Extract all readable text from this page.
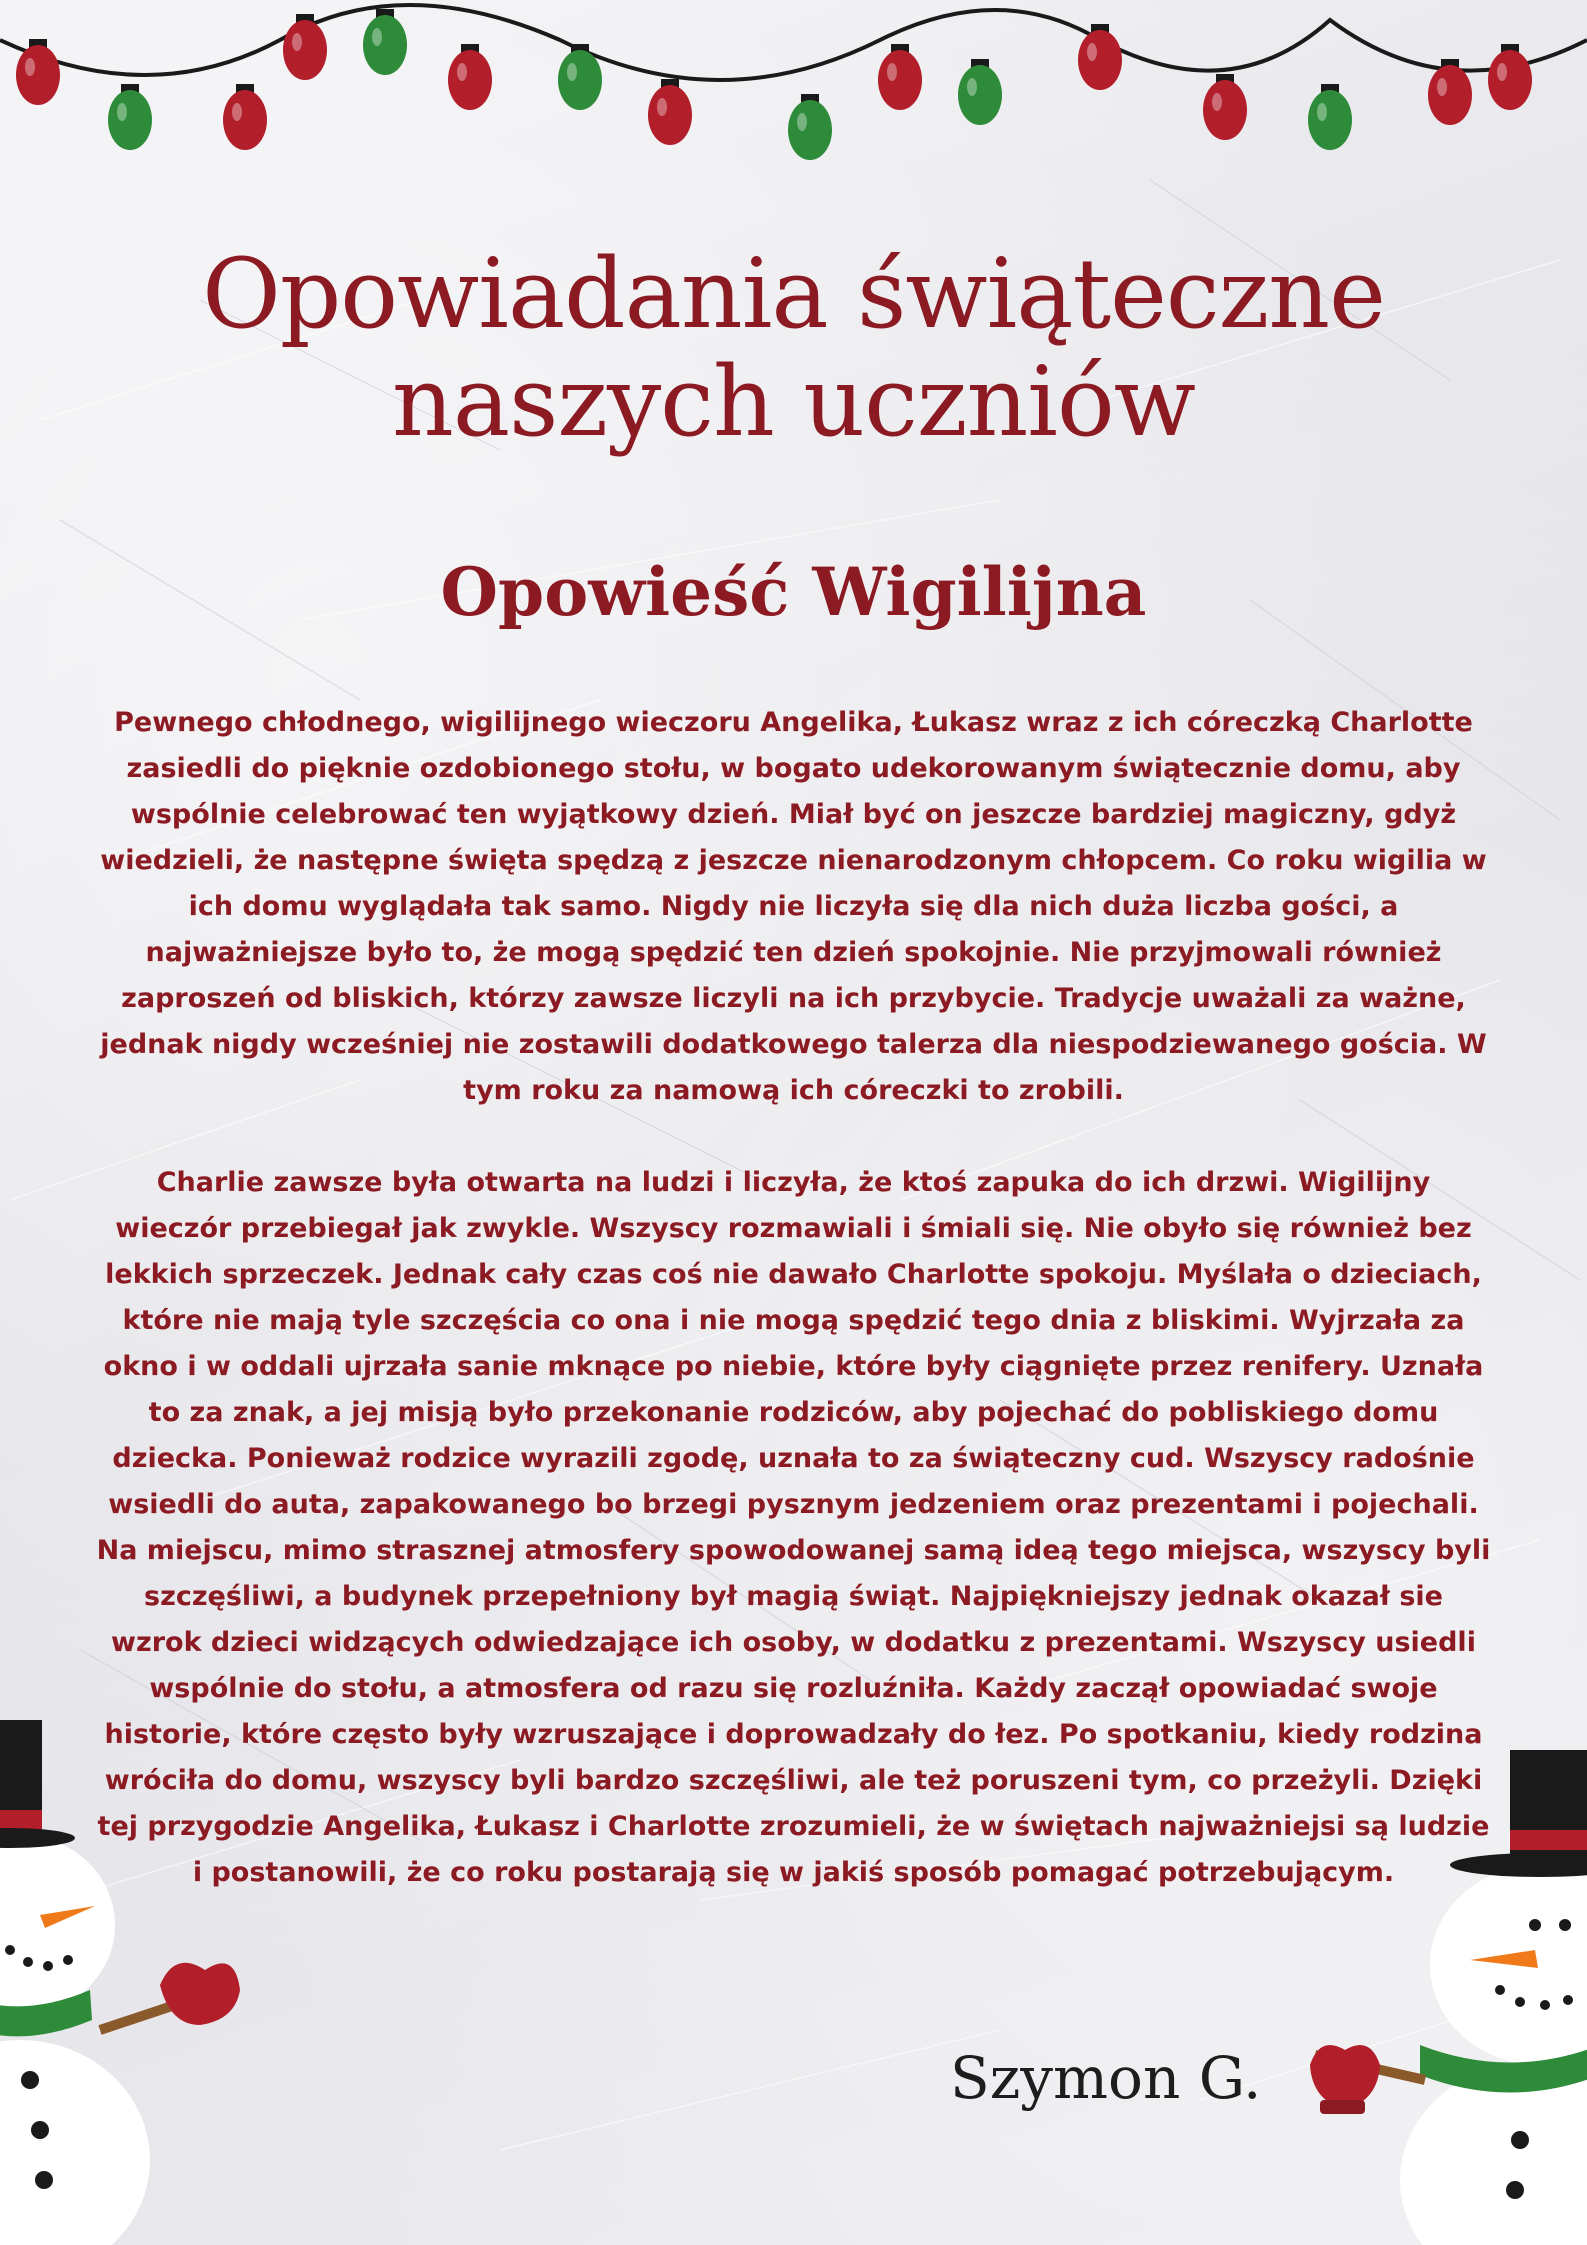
Opowiadania świąteczne
naszych uczniów
Opowieść Wigilijna

Pewnego chłodnego, wigilijnego wieczoru Angelika, Łukasz wraz z ich córeczką Charlotte zasiedli do pięknie ozdobionego stołu, w bogato udekorowanym świątecznie domu, aby wspólnie celebrować ten wyjątkowy dzień. Miał być on jeszcze bardziej magiczny, gdyż wiedzieli, że następne święta spędzą z jeszcze nienarodzonym chłopcem. Co roku wigilia w ich domu wyglądała tak samo. Nigdy nie liczyła się dla nich duża liczba gości, a najważniejsze było to, że mogą spędzić ten dzień spokojnie. Nie przyjmowali również zaproszeń od bliskich, którzy zawsze liczyli na ich przybycie. Tradycje uważali za ważne, jednak nigdy wcześniej nie zostawili dodatkowego talerza dla niespodziewanego gościa. W tym roku za namową ich córeczki to zrobili.

Charlie zawsze była otwarta na ludzi i liczyła, że ktoś zapuka do ich drzwi. Wigilijny wieczór przebiegał jak zwykle. Wszyscy rozmawiali i śmiali się. Nie obyło się również bez lekkich sprzeczek. Jednak cały czas coś nie dawało Charlotte spokoju. Myślała o dzieciach, które nie mają tyle szczęścia co ona i nie mogą spędzić tego dnia z bliskimi. Wyjrzała za okno i w oddali ujrzała sanie mknące po niebie, które były ciągnięte przez renifery. Uznała to za znak, a jej misją było przekonanie rodziców, aby pojechać do pobliskiego domu dziecka. Ponieważ rodzice wyrazili zgodę, uznała to za świąteczny cud. Wszyscy radośnie wsiedli do auta, zapakowanego bo brzegi pysznym jedzeniem oraz prezentami i pojechali. Na miejscu, mimo strasznej atmosfery spowodowanej samą ideą tego miejsca, wszyscy byli szczęśliwi, a budynek przepełniony był magią świąt. Najpiękniejszy jednak okazał sie wzrok dzieci widzących odwiedzające ich osoby, w dodatku z prezentami. Wszyscy usiedli wspólnie do stołu, a atmosfera od razu się rozluźniła. Każdy zaczął opowiadać swoje historie, które często były wzruszające i doprowadzały do łez. Po spotkaniu, kiedy rodzina wróciła do domu, wszyscy byli bardzo szczęśliwi, ale też poruszeni tym, co przeżyli. Dzięki tej przygodzie Angelika, Łukasz i Charlotte zrozumieli, że w świętach najważniejsi są ludzie i postanowili, że co roku postarają się w jakiś sposób pomagać potrzebującym.

Szymon G.
